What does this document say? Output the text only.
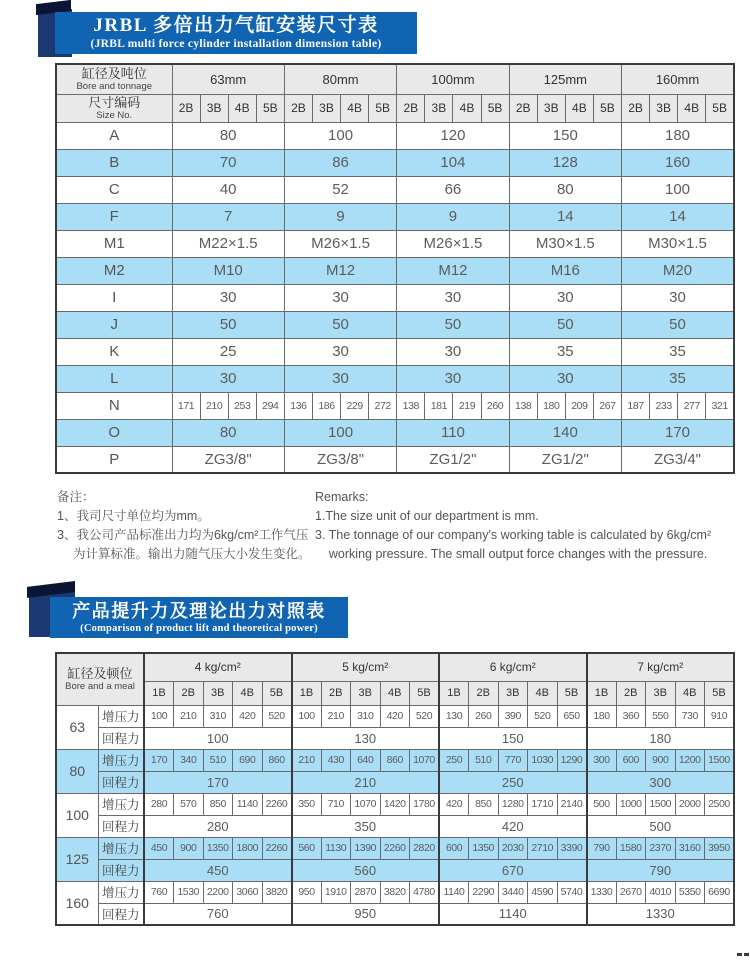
JRBL 多倍出力气缸安装尺寸表
(JRBL multi force cylinder installation dimension table)
缸径及吨位
Bore and tonnage	63mm				80mm				100mm				125mm				160mm			

尺寸编码
Size No.	2B	3B	4B	5B	2B	3B	4B	5B	2B	3B	4B	5B	2B	3B	4B	5B	2B	3B	4B	5B
A	80				100				120				150				180			
B	70				86				104				128				160			
C	40				52				66				80				100			
F	7				9				9				14				14			
M1	M22×1.5				M26×1.5				M26×1.5				M30×1.5				M30×1.5			
M2	M10				M12				M12				M16				M20			
I	30				30				30				30				30			
J	50				50				50				50				50			
K	25				30				30				35				35			
L	30				30				30				30				35			
N	171	210	253	294	136	186	229	272	138	181	219	260	138	180	209	267	187	233	277	321
O	80				100				110				140				170			
P	ZG3/8"				ZG3/8"				ZG1/2"				ZG1/2"				ZG3/4"			
备注：
1、我司尺寸单位均为mm。
3、我公司产品标准出力均为6kg/cm²工作气压
　 为计算标准。输出力随气压大小发生变化。
Remarks:
1.The size unit of our department is mm.
3. The tonnage of our company's working table is calculated by 6kg/cm²
working pressure. The small output force changes with the pressure.
产品提升力及理论出力对照表
(Comparison of product lift and theoretical power)
缸径及顿位
Bore and a meal		4 kg/cm²					5 kg/cm²					6 kg/cm²					7 kg/cm²				
		1B	2B	3B	4B	5B	1B	2B	3B	4B	5B	1B	2B	3B	4B	5B	1B	2B	3B	4B	5B
63	增压力	100	210	310	420	520	100	210	310	420	520	130	260	390	520	650	180	360	550	730	910
	回程力	100					130					150					180				
80	增压力	170	340	510	690	860	210	430	640	860	1070	250	510	770	1030	1290	300	600	900	1200	1500
	回程力	170					210					250					300				
100	增压力	280	570	850	1140	2260	350	710	1070	1420	1780	420	850	1280	1710	2140	500	1000	1500	2000	2500
	回程力	280					350					420					500				
125	增压力	450	900	1350	1800	2260	560	1130	1390	2260	2820	600	1350	2030	2710	3390	790	1580	2370	3160	3950
	回程力	450					560					670					790				
160	增压力	760	1530	2200	3060	3820	950	1910	2870	3820	4780	1140	2290	3440	4590	5740	1330	2670	4010	5350	6690
	回程力	760					950					1140					1330				
